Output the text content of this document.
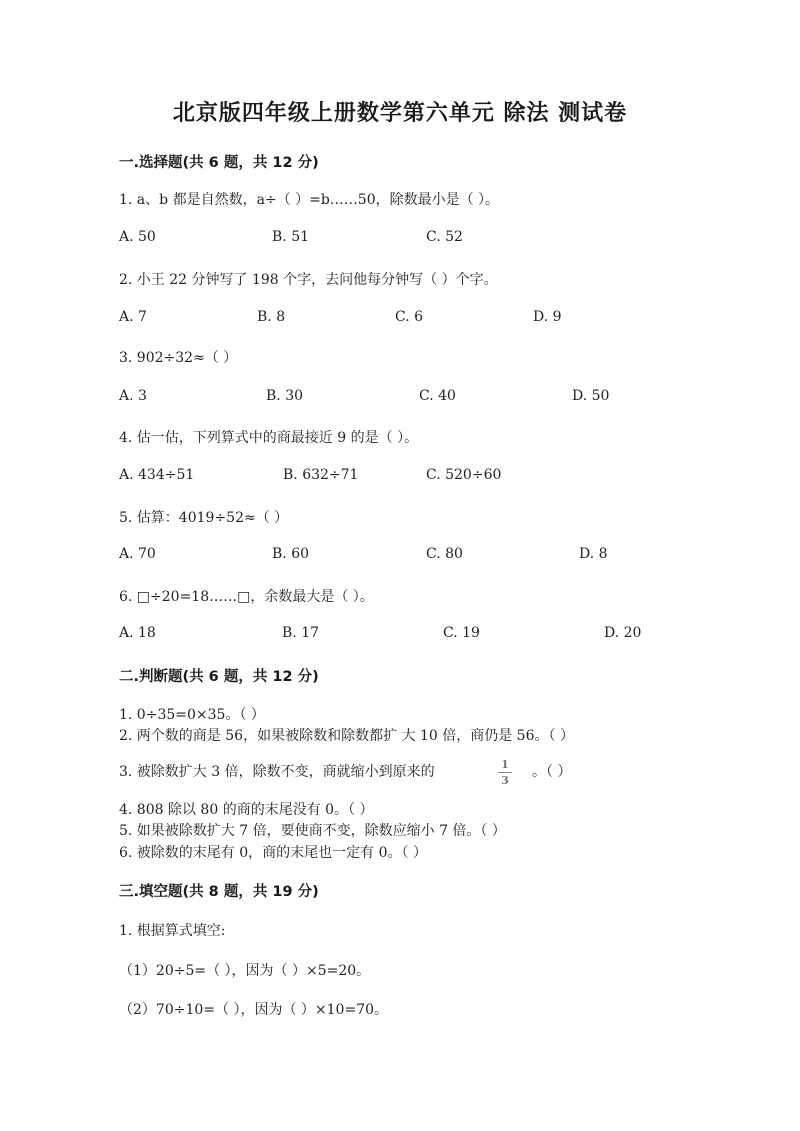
北京版四年级上册数学第六单元 除法 测试卷
一.选择题(共 6 题，共 12 分)
1. a、b 都是自然数，a÷（ ）=b……50，除数最小是（ ）。
A. 50	B. 51	C. 52
2. 小王 22 分钟写了 198 个字，去问他每分钟写（ ）个字。
A. 7	B. 8	C. 6	D. 9
3. 902÷32≈（ ）
A. 3	B. 30	C. 40	D. 50
4. 估一估，下列算式中的商最接近 9 的是（ ）。
A. 434÷51	B. 632÷71	C. 520÷60
5. 估算：4019÷52≈（ ）
A. 70	B. 60	C. 80	D. 8
6. □÷20=18……□，余数最大是（ ）。
A. 18	B. 17	C. 19	D. 20
二.判断题(共 6 题，共 12 分)
1. 0÷35=0×35。（ ）
2. 两个数的商是 56，如果被除数和除数都扩 大 10 倍，商仍是 56。（ ）
3. 被除数扩大 3 倍，除数不变，商就缩小到原来的	1
3
。（ ）
4. 808 除以 80 的商的末尾没有 0。（ ）
5. 如果被除数扩大 7 倍，要使商不变，除数应缩小 7 倍。（ ）
6. 被除数的末尾有 0，商的末尾也一定有 0。（ ）
三.填空题(共 8 题，共 19 分)
1. 根据算式填空:
（1）20÷5=（ ），因为（ ）×5=20。
（2）70÷10=（ ），因为（ ）×10=70。
